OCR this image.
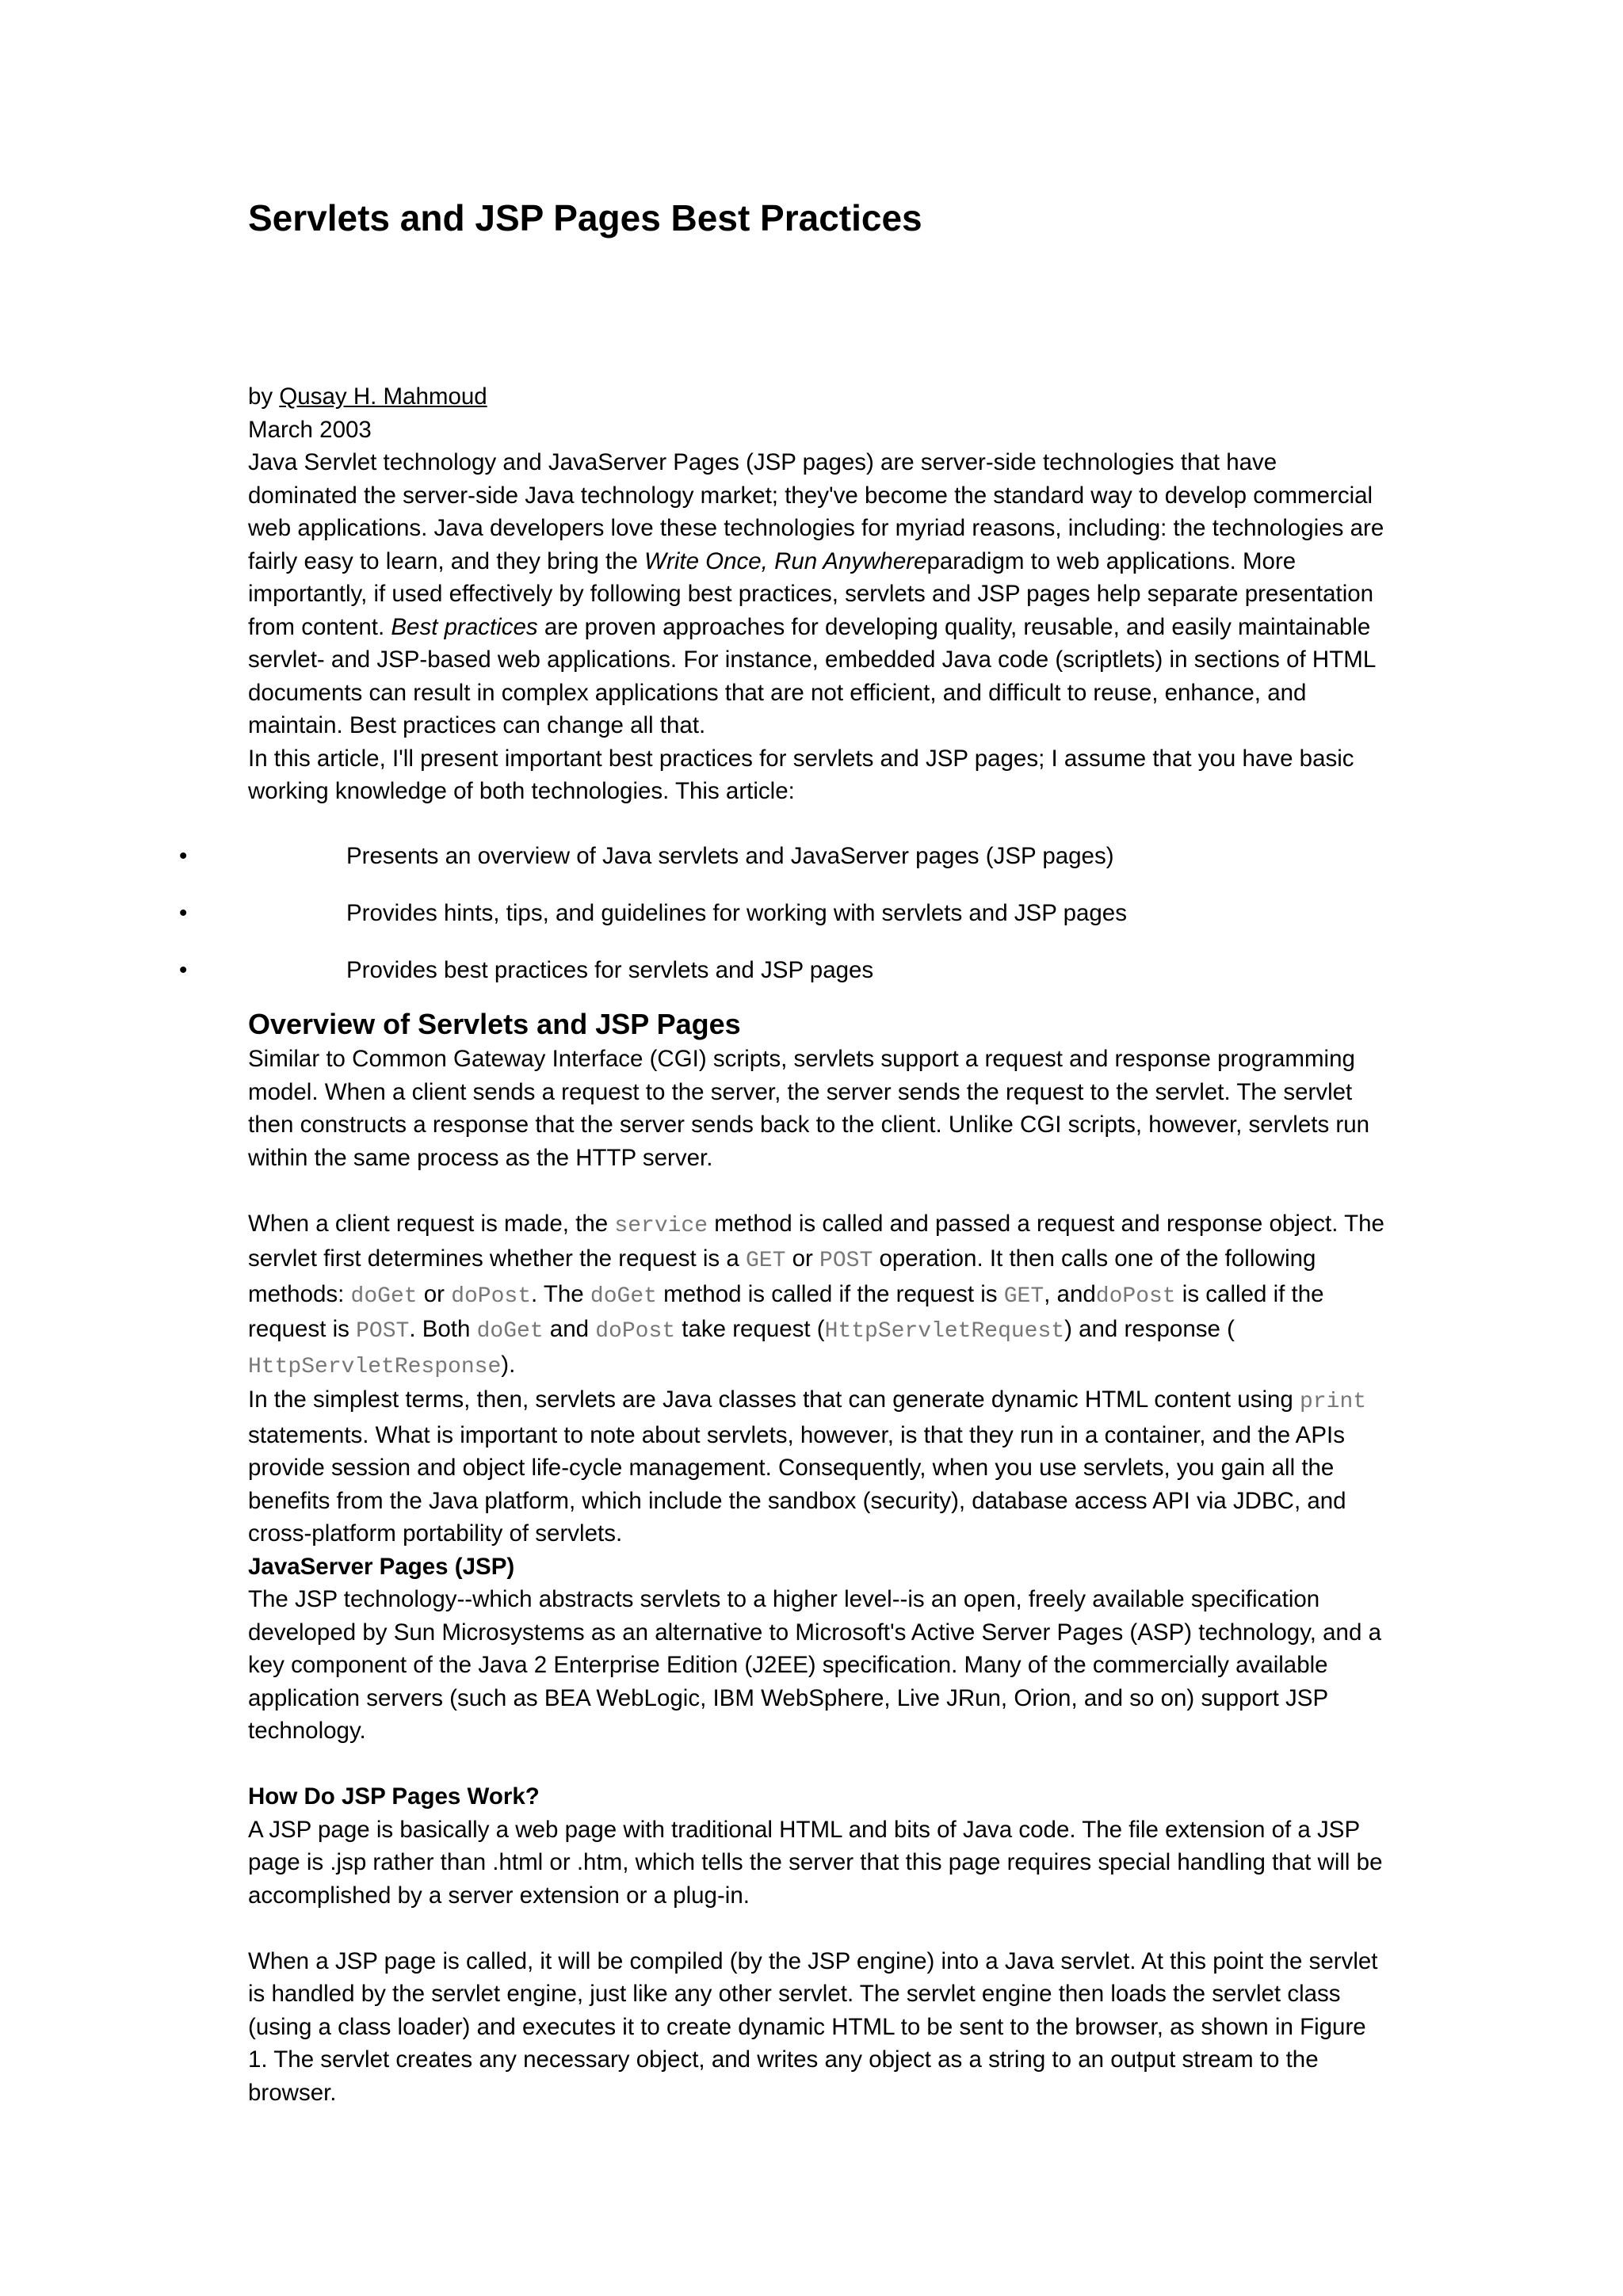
Servlets and JSP Pages Best Practices

by Qusay H. Mahmoud

March 2003

Java Servlet technology and JavaServer Pages (JSP pages) are server-side technologies that have dominated the server-side Java technology market; they've become the standard way to develop commercial web applications. Java developers love these technologies for myriad reasons, including: the technologies are fairly easy to learn, and they bring the Write Once, Run Anywhereparadigm to web applications. More importantly, if used effectively by following best practices, servlets and JSP pages help separate presentation from content. Best practices are proven approaches for developing quality, reusable, and easily maintainable servlet- and JSP-based web applications. For instance, embedded Java code (scriptlets) in sections of HTML documents can result in complex applications that are not efficient, and difficult to reuse, enhance, and maintain. Best practices can change all that.

In this article, I'll present important best practices for servlets and JSP pages; I assume that you have basic working knowledge of both technologies. This article:

•	Presents an overview of Java servlets and JavaServer pages (JSP pages)
•	Provides hints, tips, and guidelines for working with servlets and JSP pages
•	Provides best practices for servlets and JSP pages
Overview of Servlets and JSP Pages

Similar to Common Gateway Interface (CGI) scripts, servlets support a request and response programming model. When a client sends a request to the server, the server sends the request to the servlet. The servlet then constructs a response that the server sends back to the client. Unlike CGI scripts, however, servlets run within the same process as the HTTP server.

When a client request is made, the service method is called and passed a request and response object. The servlet first determines whether the request is a GET or POST operation. It then calls one of the following methods: doGet or doPost. The doGet method is called if the request is GET, anddoPost is called if the request is POST. Both doGet and doPost take request (HttpServletRequest) and response ( HttpServletResponse).

In the simplest terms, then, servlets are Java classes that can generate dynamic HTML content using print statements. What is important to note about servlets, however, is that they run in a container, and the APIs provide session and object life-cycle management. Consequently, when you use servlets, you gain all the benefits from the Java platform, which include the sandbox (security), database access API via JDBC, and cross-platform portability of servlets.

JavaServer Pages (JSP)

The JSP technology--which abstracts servlets to a higher level--is an open, freely available specification developed by Sun Microsystems as an alternative to Microsoft's Active Server Pages (ASP) technology, and a key component of the Java 2 Enterprise Edition (J2EE) specification. Many of the commercially available application servers (such as BEA WebLogic, IBM WebSphere, Live JRun, Orion, and so on) support JSP technology.

How Do JSP Pages Work?

A JSP page is basically a web page with traditional HTML and bits of Java code. The file extension of a JSP page is .jsp rather than .html or .htm, which tells the server that this page requires special handling that will be accomplished by a server extension or a plug-in.

When a JSP page is called, it will be compiled (by the JSP engine) into a Java servlet. At this point the servlet is handled by the servlet engine, just like any other servlet. The servlet engine then loads the servlet class (using a class loader) and executes it to create dynamic HTML to be sent to the browser, as shown in Figure 1. The servlet creates any necessary object, and writes any object as a string to an output stream to the browser.
